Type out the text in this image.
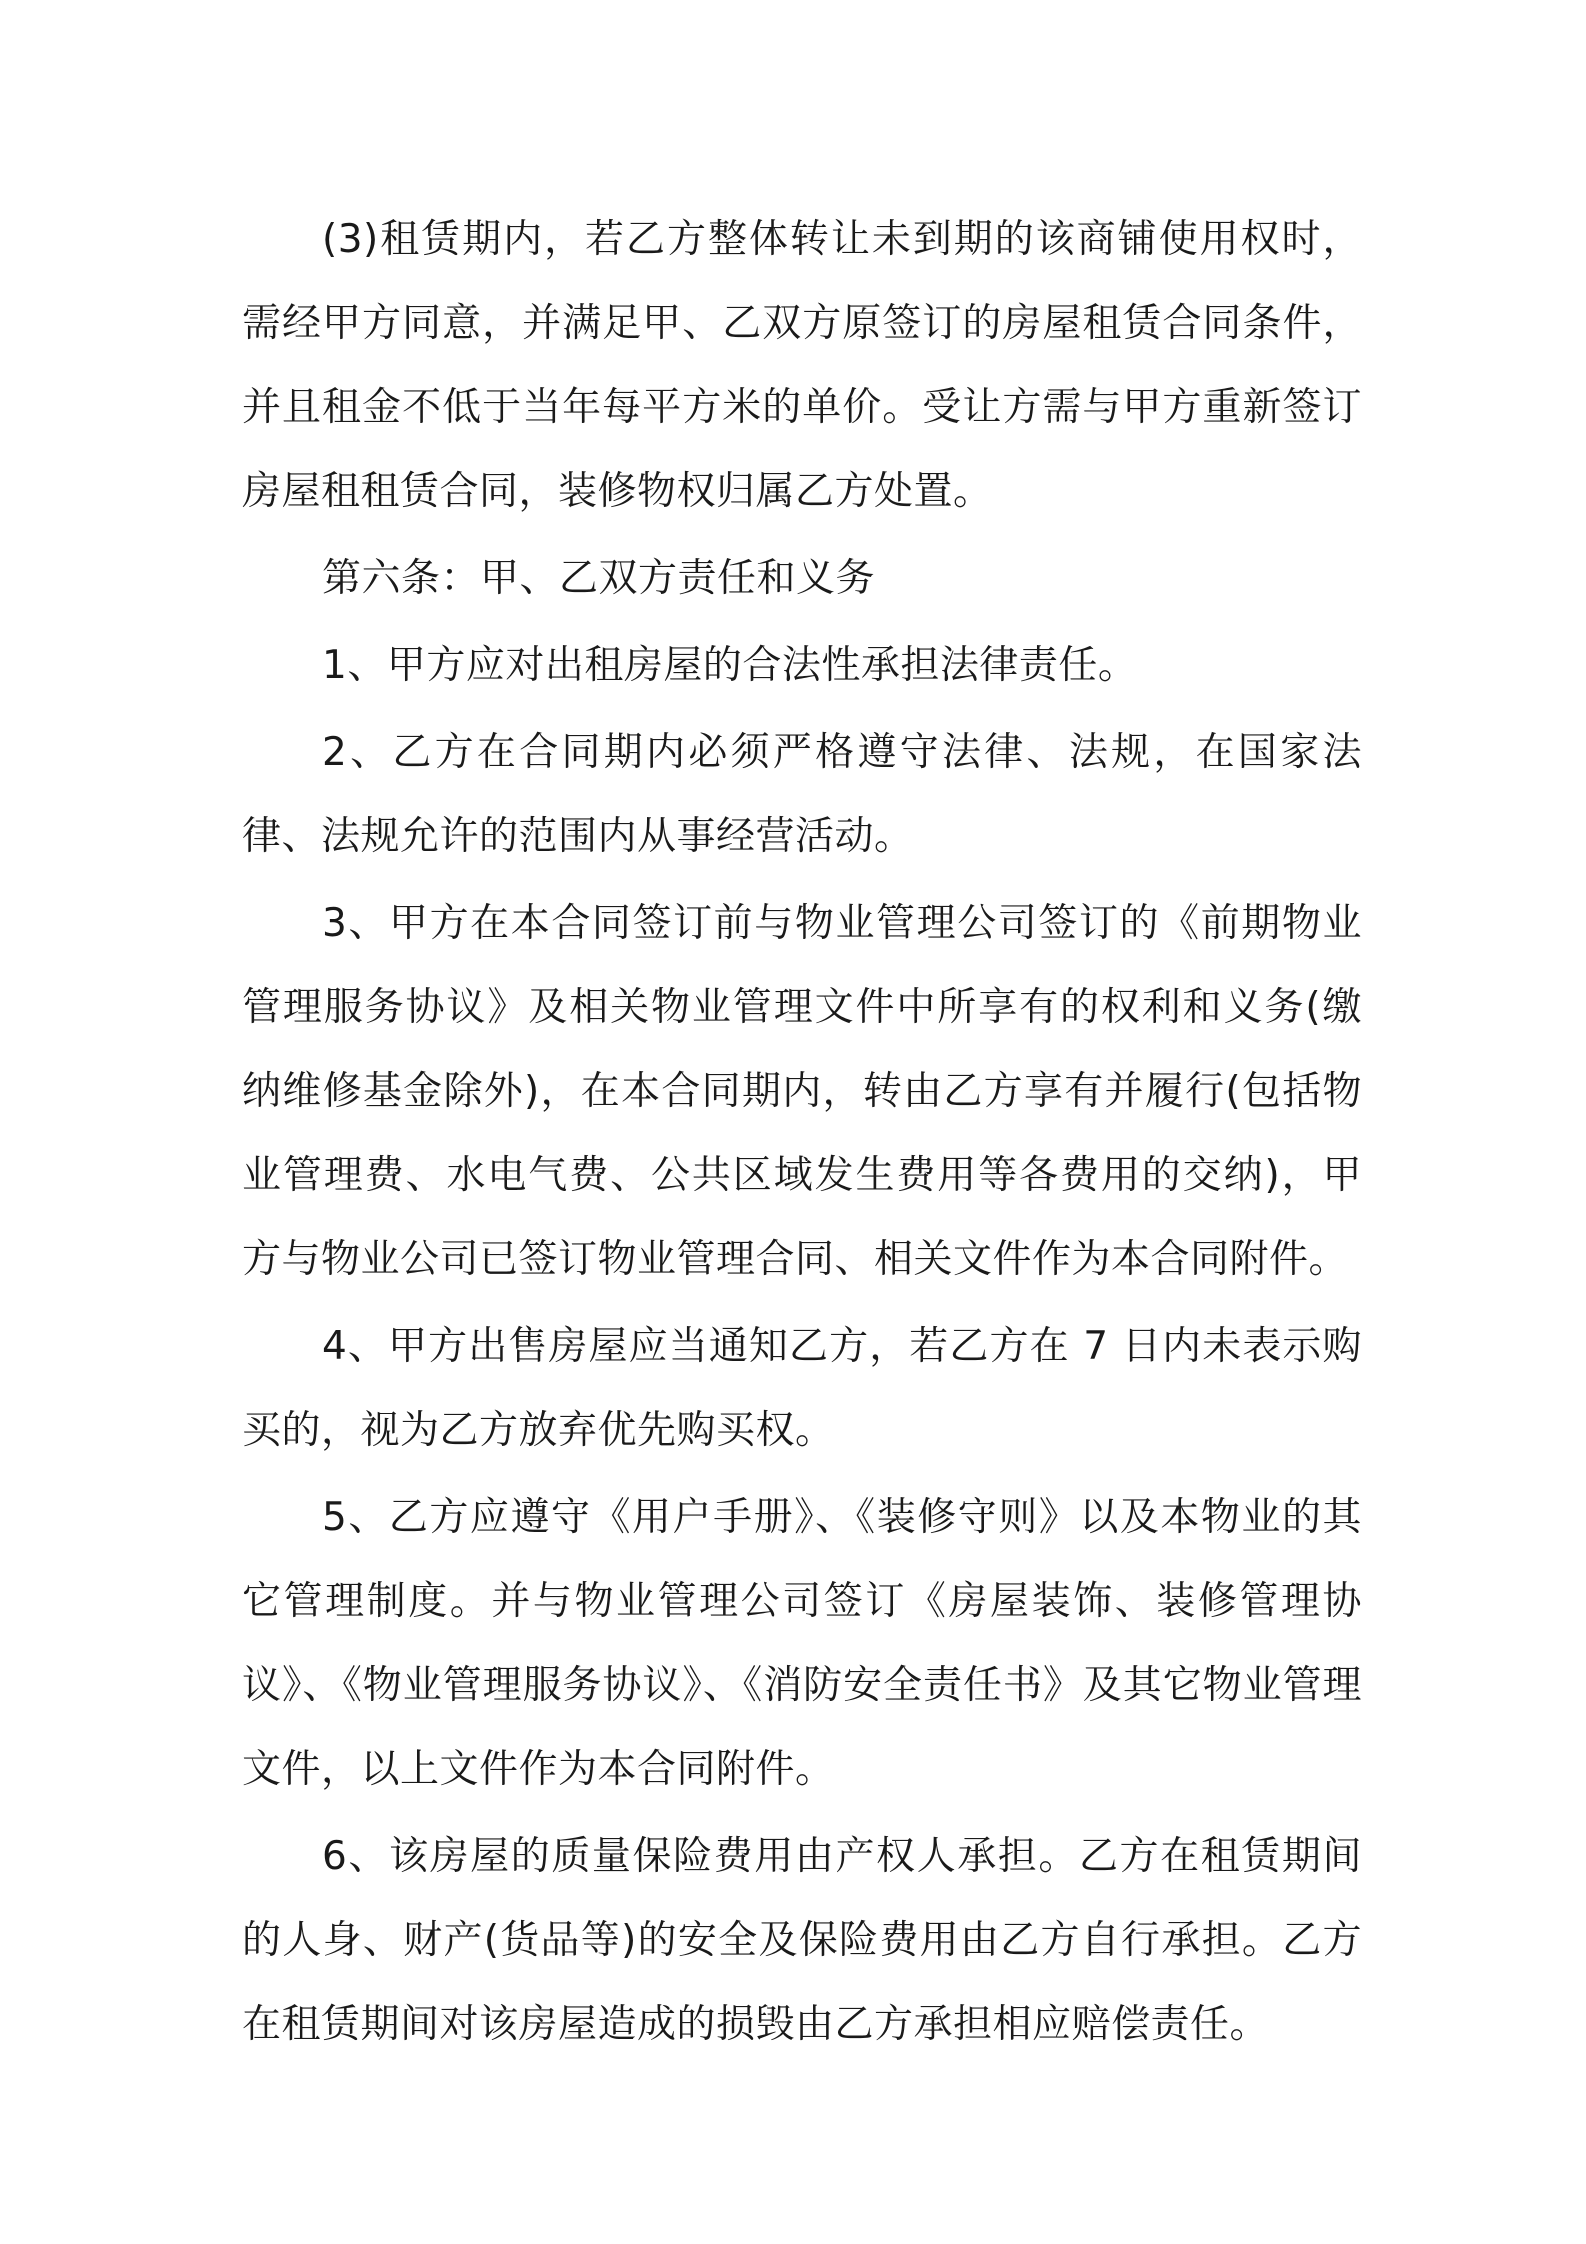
(3)租赁期内，若乙方整体转让未到期的该商铺使用权时，需经甲方同意，并满足甲、乙双方原签订的房屋租赁合同条件，并且租金不低于当年每平方米的单价。受让方需与甲方重新签订房屋租租赁合同，装修物权归属乙方处置。

第六条：甲、乙双方责任和义务

1、甲方应对出租房屋的合法性承担法律责任。

2、乙方在合同期内必须严格遵守法律、法规，在国家法律、法规允许的范围内从事经营活动。

3、甲方在本合同签订前与物业管理公司签订的《前期物业管理服务协议》及相关物业管理文件中所享有的权利和义务(缴纳维修基金除外)，在本合同期内，转由乙方享有并履行(包括物业管理费、水电气费、公共区域发生费用等各费用的交纳)，甲方与物业公司已签订物业管理合同、相关文件作为本合同附件。

4、甲方出售房屋应当通知乙方，若乙方在 7 日内未表示购买的，视为乙方放弃优先购买权。

5、乙方应遵守《用户手册》、《装修守则》以及本物业的其它管理制度。并与物业管理公司签订《房屋装饰、装修管理协议》、《物业管理服务协议》、《消防安全责任书》及其它物业管理文件，以上文件作为本合同附件。

6、该房屋的质量保险费用由产权人承担。乙方在租赁期间的人身、财产(货品等)的安全及保险费用由乙方自行承担。乙方在租赁期间对该房屋造成的损毁由乙方承担相应赔偿责任。
